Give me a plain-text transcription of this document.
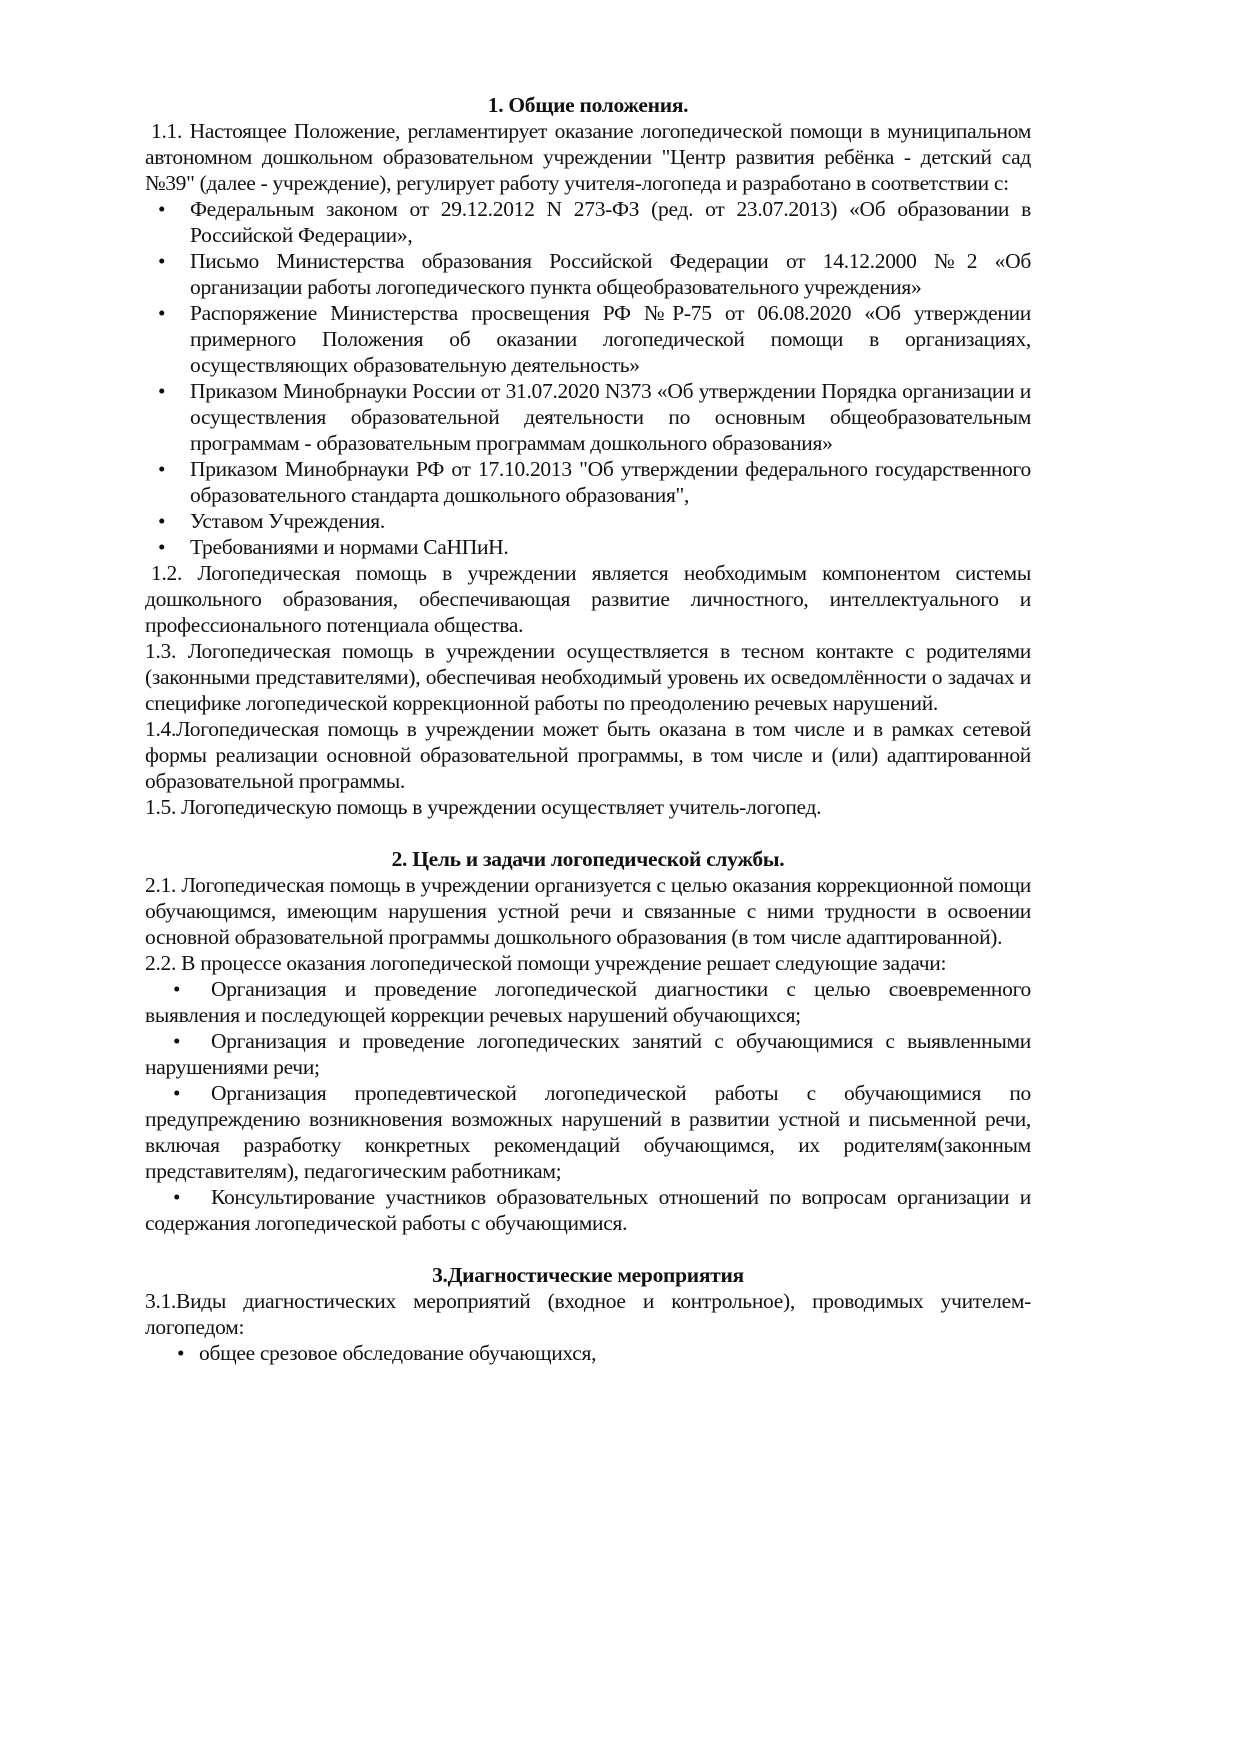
1. Общие положения.

1.1. Настоящее Положение, регламентирует оказание логопедической помощи в муниципальном автономном дошкольном образовательном учреждении "Центр развития ребёнка - детский сад №39" (далее - учреждение), регулирует работу учителя-логопеда и разработано в соответствии с:

• Федеральным законом от 29.12.2012 N 273-ФЗ (ред. от 23.07.2013) «Об образовании в Российской Федерации»,
• Письмо Министерства образования Российской Федерации от 14.12.2000 №2 «Об организации работы логопедического пункта общеобразовательного учреждения»
• Распоряжение Министерства просвещения РФ №Р-75 от 06.08.2020 «Об утверждении примерного Положения об оказании логопедической помощи в организациях, осуществляющих образовательную деятельность»
• Приказом Минобрнауки России от 31.07.2020 N373 «Об утверждении Порядка организации и осуществления образовательной деятельности по основным общеобразовательным программам - образовательным программам дошкольного образования»
• Приказом Минобрнауки РФ от 17.10.2013 "Об утверждении федерального государственного образовательного стандарта дошкольного образования",
• Уставом Учреждения.
• Требованиями и нормами СаНПиН.

1.2. Логопедическая помощь в учреждении является необходимым компонентом системы дошкольного образования, обеспечивающая развитие личностного, интеллектуального и профессионального потенциала общества.

1.3. Логопедическая помощь в учреждении осуществляется в тесном контакте с родителями (законными представителями), обеспечивая необходимый уровень их осведомлённости о задачах и специфике логопедической коррекционной работы по преодолению речевых нарушений.

1.4.Логопедическая помощь в учреждении может быть оказана в том числе и в рамках сетевой формы реализации основной образовательной программы, в том числе и (или) адаптированной образовательной программы.

1.5. Логопедическую помощь в учреждении осуществляет учитель-логопед.

2. Цель и задачи логопедической службы.

2.1. Логопедическая помощь в учреждении организуется с целью оказания коррекционной помощи обучающимся, имеющим нарушения устной речи и связанные с ними трудности в освоении основной образовательной программы дошкольного образования (в том числе адаптированной).

2.2. В процессе оказания логопедической помощи учреждение решает следующие задачи:

• Организация и проведение логопедической диагностики с целью своевременного выявления и последующей коррекции речевых нарушений обучающихся;

• Организация и проведение логопедических занятий с обучающимися с выявленными нарушениями речи;

• Организация пропедевтической логопедической работы с обучающимися по предупреждению возникновения возможных нарушений в развитии устной и письменной речи, включая разработку конкретных рекомендаций обучающимся, их родителям(законным представителям), педагогическим работникам;

• Консультирование участников образовательных отношений по вопросам организации и содержания логопедической работы с обучающимися.

3.Диагностические мероприятия

3.1.Виды диагностических мероприятий (входное и контрольное), проводимых учителем-логопедом:

• общее срезовое обследование обучающихся,
